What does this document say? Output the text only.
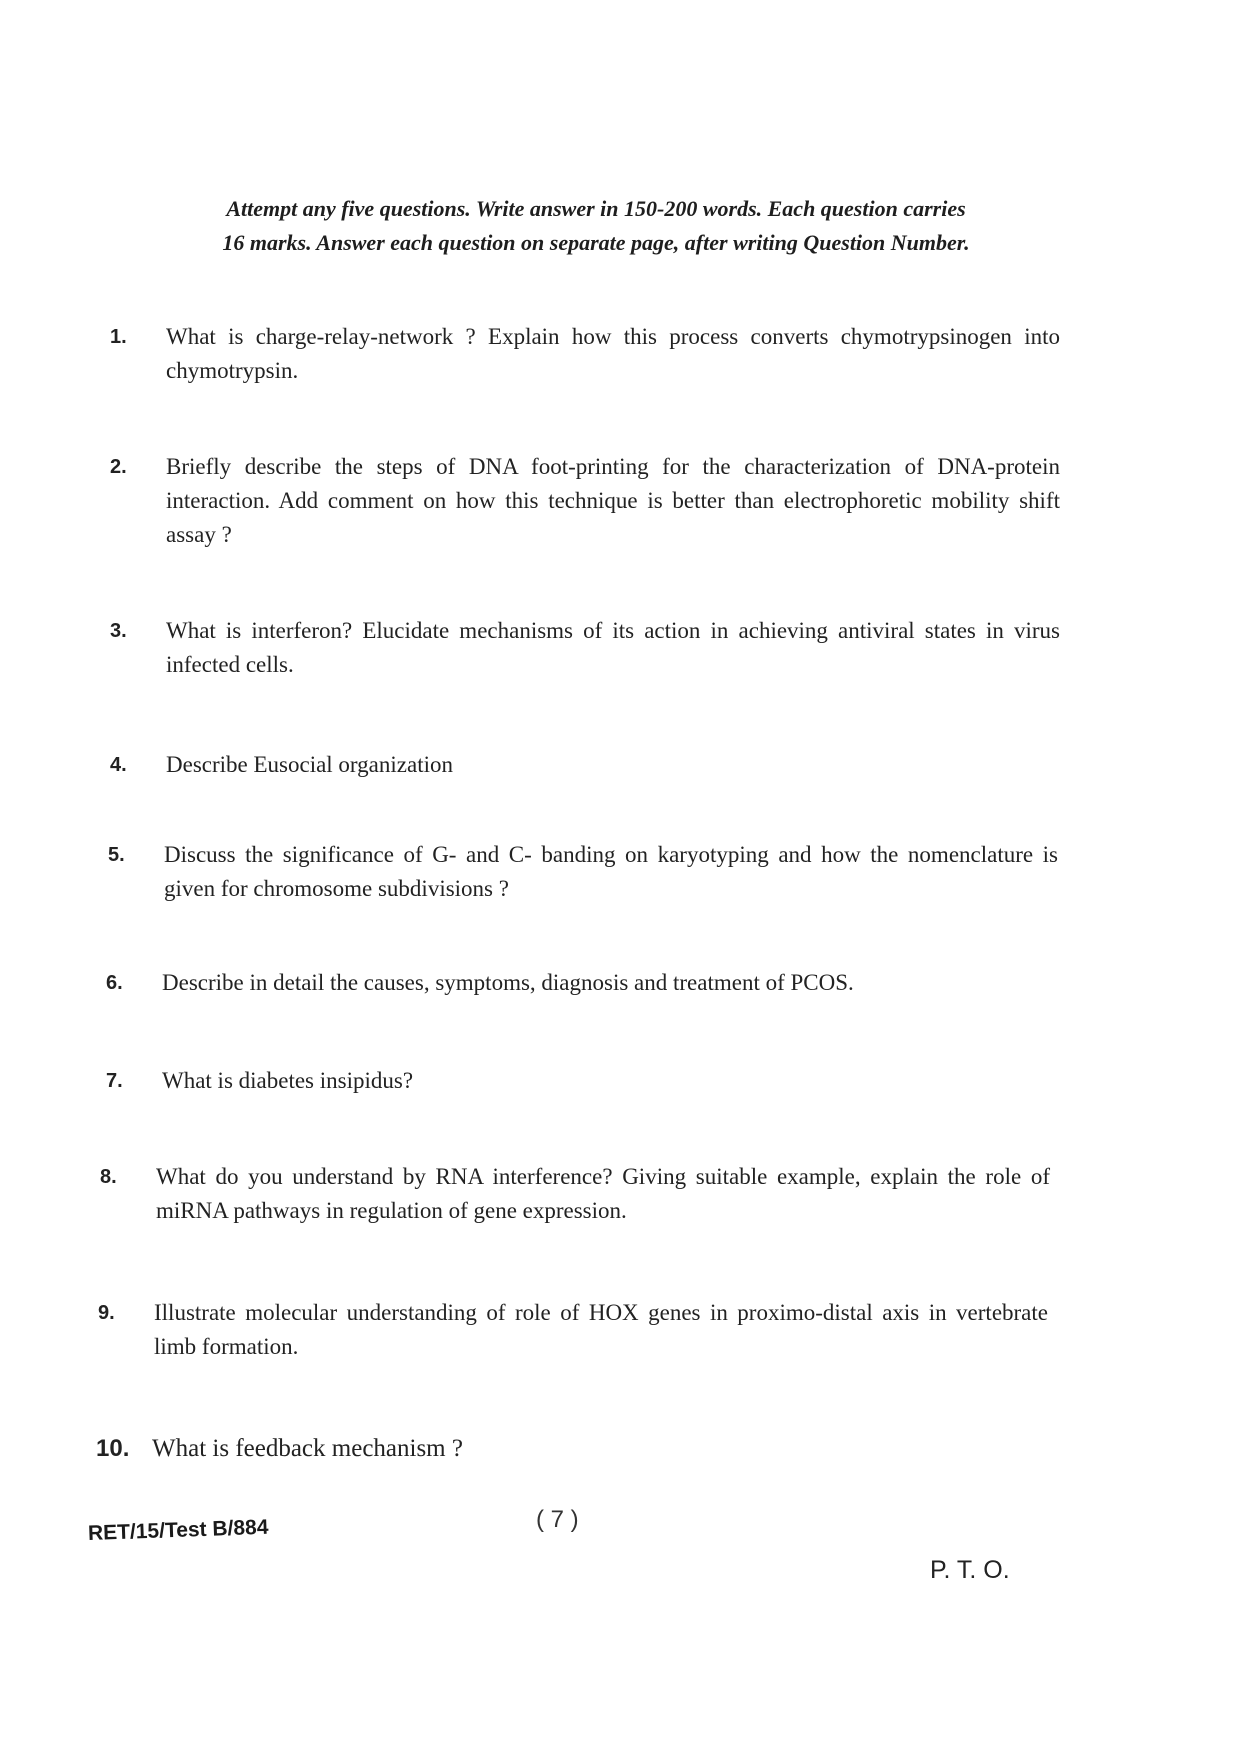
Attempt any five questions. Write answer in 150-200 words. Each question carries
16 marks. Answer each question on separate page, after writing Question Number.
1. What is charge-relay-network ? Explain how this process converts chymotrypsinogen into chymotrypsin.
2. Briefly describe the steps of DNA foot-printing for the characterization of DNA-protein interaction. Add comment on how this technique is better than electrophoretic mobility shift assay ?
3. What is interferon? Elucidate mechanisms of its action in achieving antiviral states in virus infected cells.
4. Describe Eusocial organization
5. Discuss the significance of G- and C- banding on karyotyping and how the nomenclature is given for chromosome subdivisions ?
6. Describe in detail the causes, symptoms, diagnosis and treatment of PCOS.
7. What is diabetes insipidus?
8. What do you understand by RNA interference? Giving suitable example, explain the role of miRNA pathways in regulation of gene expression.
9. Illustrate molecular understanding of role of HOX genes in proximo-distal axis in vertebrate limb formation.
10. What is feedback mechanism ?
RET/15/Test B/884	( 7 )
P. T. O.
